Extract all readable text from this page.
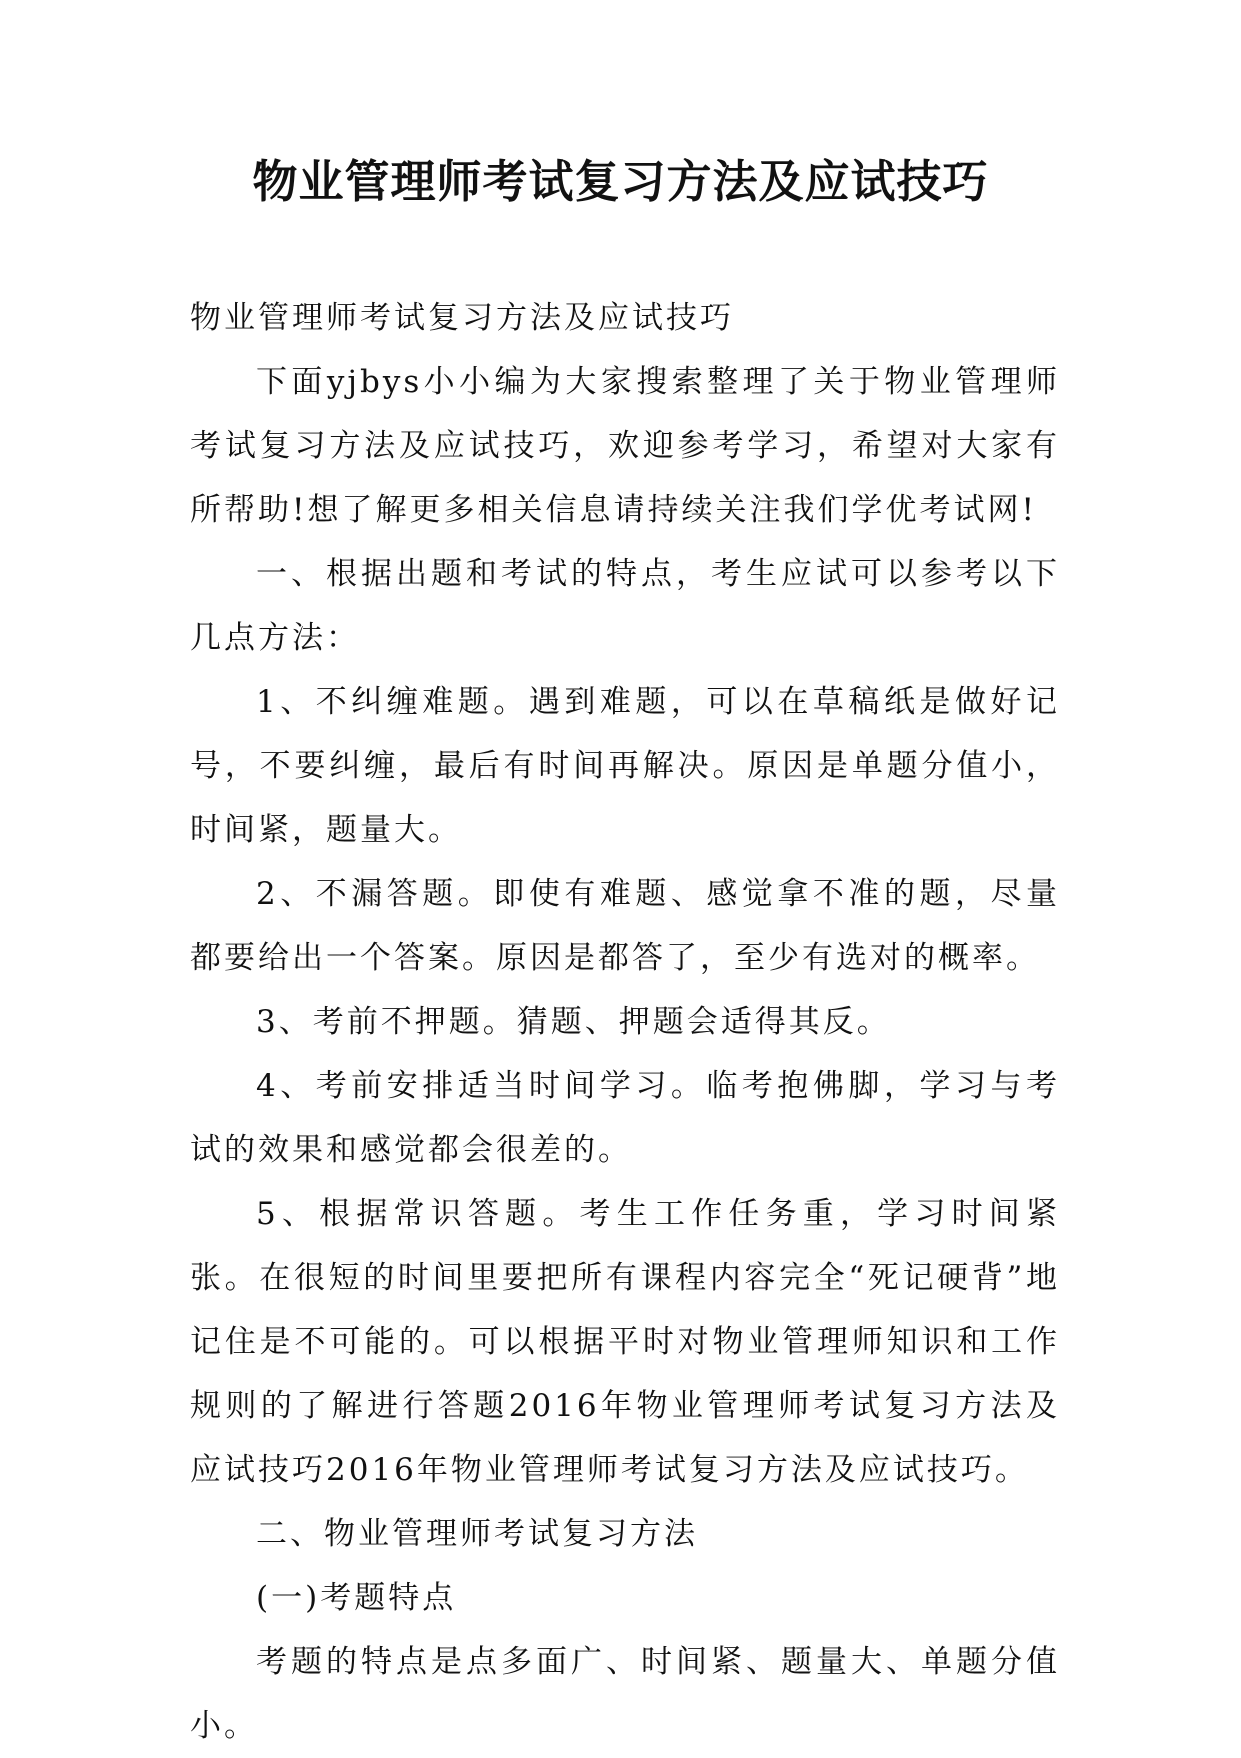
物业管理师考试复习方法及应试技巧

物业管理师考试复习方法及应试技巧

下面yjbys小小编为大家搜索整理了关于物业管理师考试复习方法及应试技巧，欢迎参考学习，希望对大家有所帮助!想了解更多相关信息请持续关注我们学优考试网!

一、根据出题和考试的特点，考生应试可以参考以下几点方法：

1、不纠缠难题。遇到难题，可以在草稿纸是做好记号，不要纠缠，最后有时间再解决。原因是单题分值小，时间紧，题量大。

2、不漏答题。即使有难题、感觉拿不准的题，尽量都要给出一个答案。原因是都答了，至少有选对的概率。

3、考前不押题。猜题、押题会适得其反。

4、考前安排适当时间学习。临考抱佛脚，学习与考试的效果和感觉都会很差的。

5、根据常识答题。考生工作任务重，学习时间紧张。在很短的时间里要把所有课程内容完全“死记硬背”地记住是不可能的。可以根据平时对物业管理师知识和工作规则的了解进行答题2016年物业管理师考试复习方法及应试技巧2016年物业管理师考试复习方法及应试技巧。

二、物业管理师考试复习方法

(一)考题特点

考题的特点是点多面广、时间紧、题量大、单题分值小。
